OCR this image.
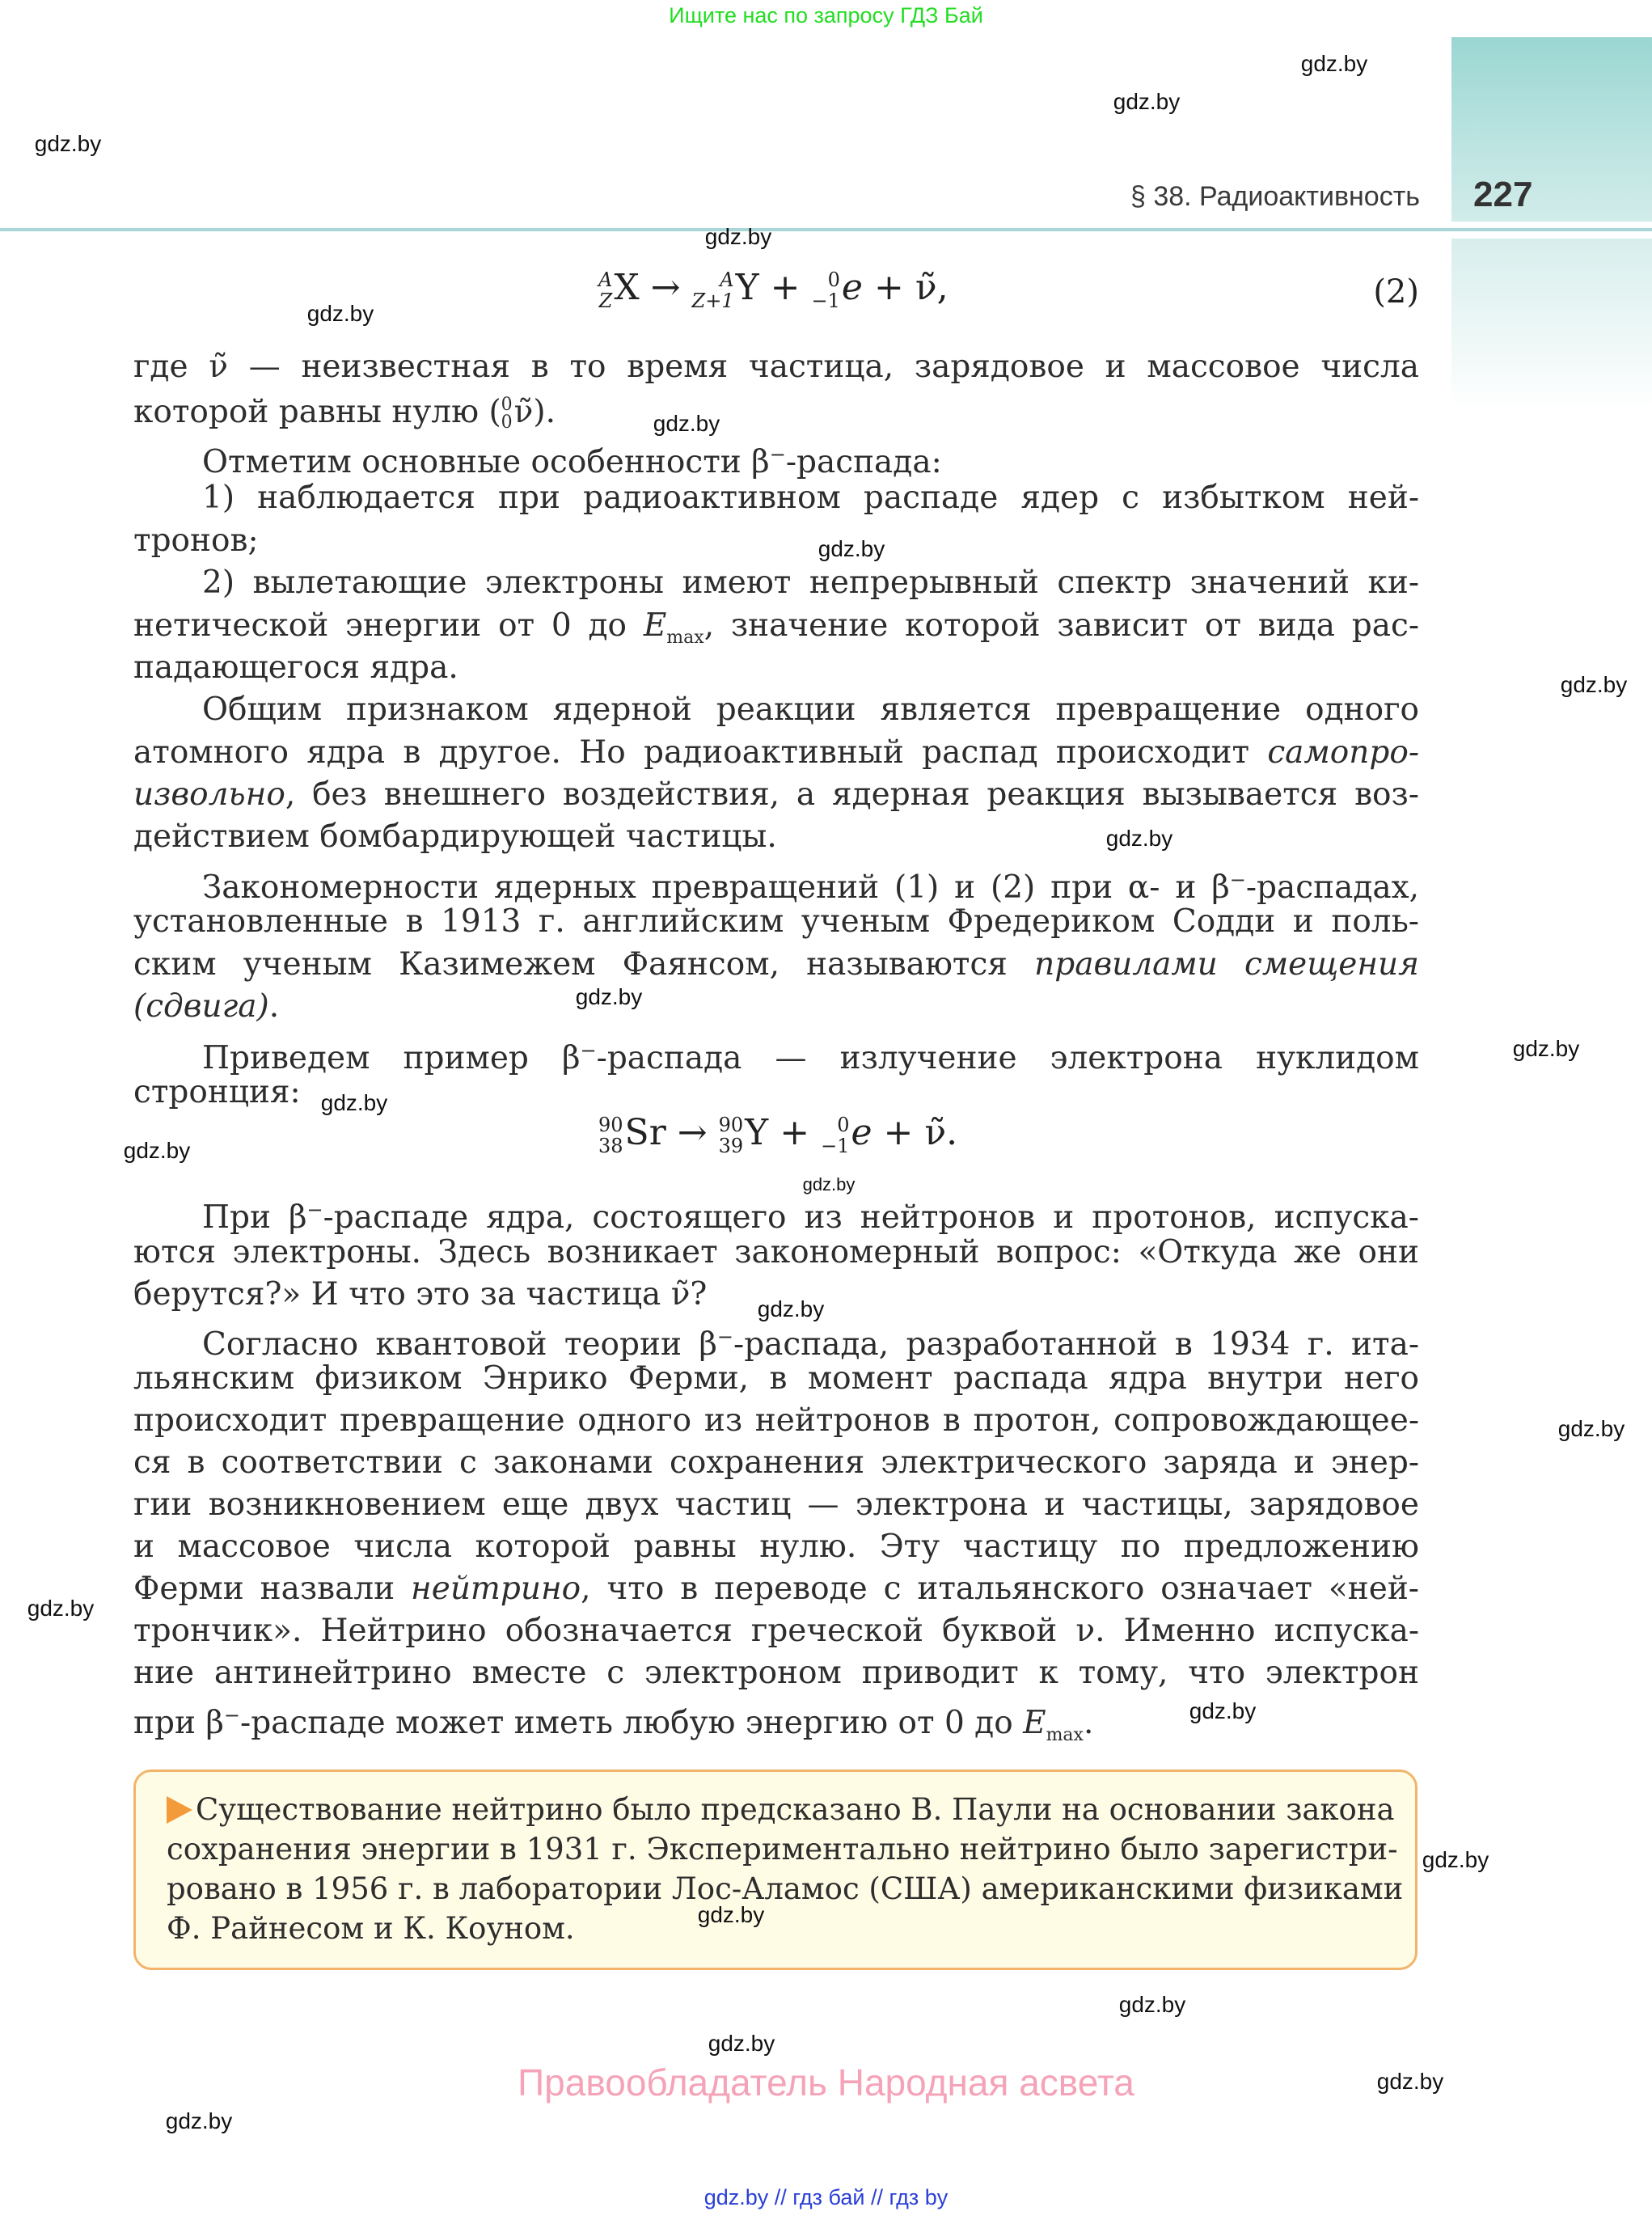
Ищите нас по запросу ГДЗ Бай
§ 38. Радиоактивность 227
A
Z X →	A
Z+1 Y +	0
−1 e + ν̃,	(2)
где ν̃ — неизвестная в то время частица, зарядовое и массовое числа
которой равны нулю ( 0
0 ν̃).
Отметим основные особенности β−-распада:
1) наблюдается при радиоактивном распаде ядер с избытком ней-
тронов;
2) вылетающие электроны имеют непрерывный спектр значений ки-
нетической энергии от 0 до $E_{max}$, значение которой зависит от вида рас-
падающегося ядра.
Общим признаком ядерной реакции является превращение одного
атомного ядра в другое. Но радиоактивный распад происходит самопро-
извольно, без внешнего воздействия, а ядерная реакция вызывается воз-
действием бомбардирующей частицы.
Закономерности ядерных превращений (1) и (2) при α- и β−-распадах,
установленные в 1913 г. английским ученым Фредериком Содди и поль-
ским ученым Казимежем Фаянсом, называются правилами смещения
(сдвига).
Приведем пример β−-распада — излучение электрона нуклидом
стронция:
90
38 Sr → 90
39 Y +	0
−1 e + ν̃.
При β−-распаде ядра, состоящего из нейтронов и протонов, испуска-
ются электроны. Здесь возникает закономерный вопрос: «Откуда же они
берутся?» И что это за частица ν̃?
Согласно квантовой теории β−-распада, разработанной в 1934 г. ита-
льянским физиком Энрико Ферми, в момент распада ядра внутри него
происходит превращение одного из нейтронов в протон, сопровождающее-
ся в соответствии с законами сохранения электрического заряда и энер-
гии возникновением еще двух частиц — электрона и частицы, зарядовое
и массовое числа которой равны нулю. Эту частицу по предложению
Ферми назвали нейтрино, что в переводе с итальянского означает «ней-
трончик». Нейтрино обозначается греческой буквой ν. Именно испуска-
ние антинейтрино вместе с электроном приводит к тому, что электрон
при β−-распаде может иметь любую энергию от 0 до $E_{max}$.
Существование нейтрино было предсказано В. Паули на основании закона
сохранения энергии в 1931 г. Экспериментально нейтрино было зарегистри-
ровано в 1956 г. в лаборатории Лос-Аламос (США) американскими физиками
Ф. Райнесом и К. Коуном.
gdz.by
gdz.by
gdz.by
gdz.by
gdz.by
gdz.by
gdz.by
gdz.by
gdz.by
gdz.by
gdz.by
gdz.by
gdz.by
gdz.by
gdz.by
gdz.by
gdz.by
gdz.by
gdz.by
gdz.by
gdz.by
gdz.by
gdz.by
gdz.by
Правообладатель Народная асвета
gdz.by // гдз бай // гдз by
